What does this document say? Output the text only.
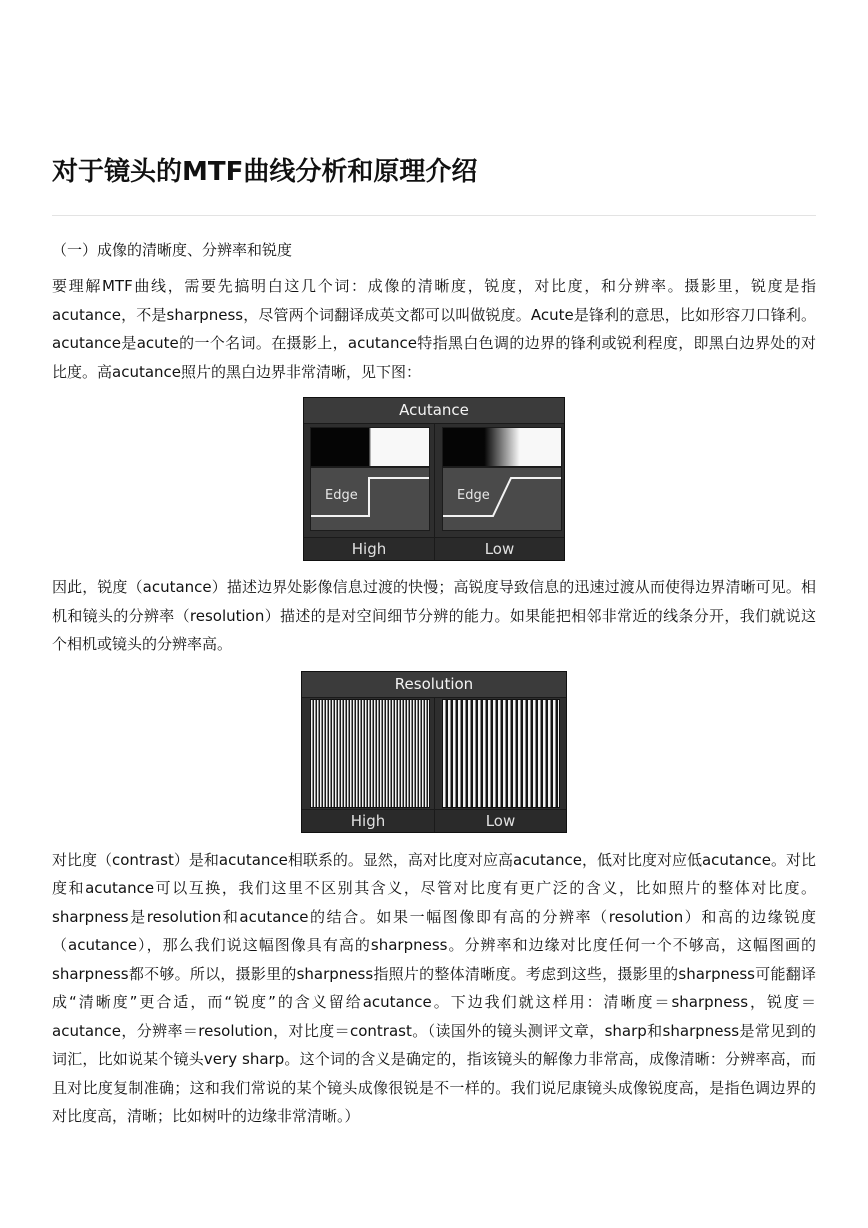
对于镜头的MTF曲线分析和原理介绍

（一）成像的清晰度、分辨率和锐度

要理解MTF曲线，需要先搞明白这几个词：成像的清晰度，锐度，对比度，和分辨率。摄影里，锐度是指acutance，不是sharpness，尽管两个词翻译成英文都可以叫做锐度。Acute是锋利的意思，比如形容刀口锋利。acutance是acute的一个名词。在摄影上，acutance特指黑白色调的边界的锋利或锐利程度，即黑白边界处的对比度。高acutance照片的黑白边界非常清晰，见下图：

Acutance
Edge	Edge
High	Low

因此，锐度（acutance）描述边界处影像信息过渡的快慢；高锐度导致信息的迅速过渡从而使得边界清晰可见。相机和镜头的分辨率（resolution）描述的是对空间细节分辨的能力。如果能把相邻非常近的线条分开，我们就说这个相机或镜头的分辨率高。

Resolution
High	Low

对比度（contrast）是和acutance相联系的。显然，高对比度对应高acutance，低对比度对应低acutance。对比度和acutance可以互换，我们这里不区别其含义，尽管对比度有更广泛的含义，比如照片的整体对比度。sharpness是resolution和acutance的结合。如果一幅图像即有高的分辨率（resolution）和高的边缘锐度（acutance），那么我们说这幅图像具有高的sharpness。分辨率和边缘对比度任何一个不够高，这幅图画的sharpness都不够。所以，摄影里的sharpness指照片的整体清晰度。考虑到这些，摄影里的sharpness可能翻译成“清晰度”更合适，而“锐度”的含义留给acutance。下边我们就这样用：清晰度＝sharpness，锐度＝acutance，分辨率＝resolution，对比度＝contrast。（读国外的镜头测评文章，sharp和sharpness是常见到的词汇，比如说某个镜头very sharp。这个词的含义是确定的，指该镜头的解像力非常高，成像清晰：分辨率高，而且对比度复制准确；这和我们常说的某个镜头成像很锐是不一样的。我们说尼康镜头成像锐度高，是指色调边界的对比度高，清晰；比如树叶的边缘非常清晰。）
